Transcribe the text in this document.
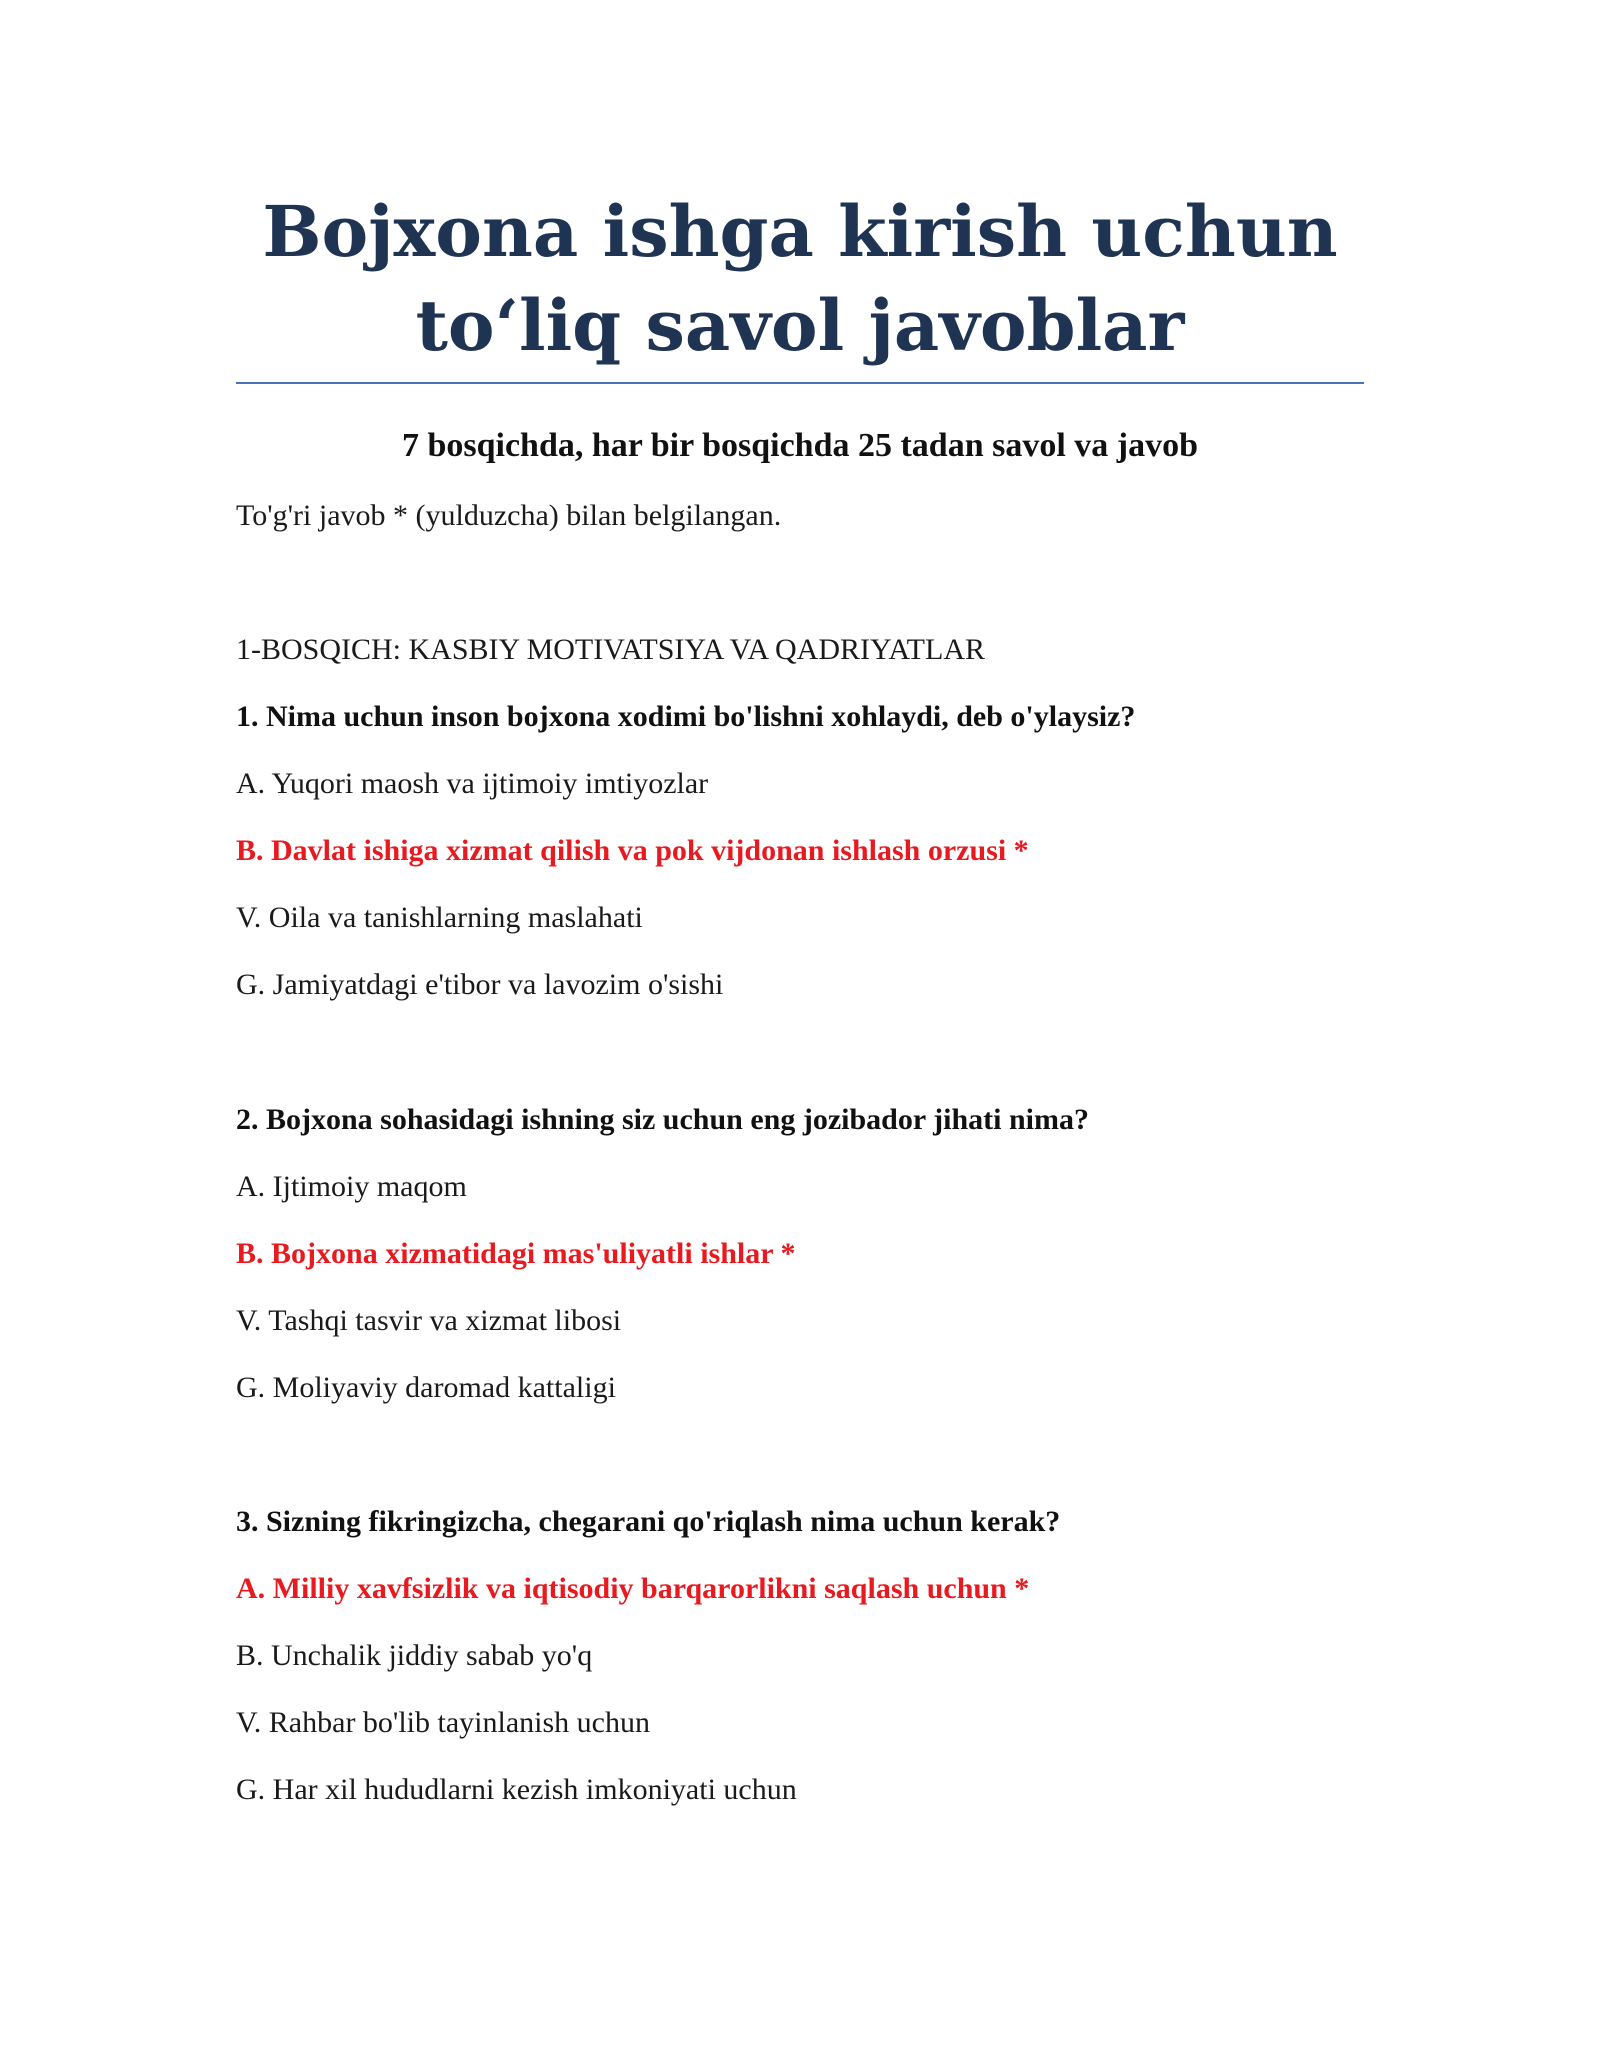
Bojxona ishga kirish uchun
to‘liq savol javoblar
7 bosqichda, har bir bosqichda 25 tadan savol va javob

To'g'ri javob * (yulduzcha) bilan belgilangan.

1-BOSQICH: KASBIY MOTIVATSIYA VA QADRIYATLAR

1. Nima uchun inson bojxona xodimi bo'lishni xohlaydi, deb o'ylaysiz?

A. Yuqori maosh va ijtimoiy imtiyozlar

B. Davlat ishiga xizmat qilish va pok vijdonan ishlash orzusi *

V. Oila va tanishlarning maslahati

G. Jamiyatdagi e'tibor va lavozim o'sishi

2. Bojxona sohasidagi ishning siz uchun eng jozibador jihati nima?

A. Ijtimoiy maqom

B. Bojxona xizmatidagi mas'uliyatli ishlar *

V. Tashqi tasvir va xizmat libosi

G. Moliyaviy daromad kattaligi

3. Sizning fikringizcha, chegarani qo'riqlash nima uchun kerak?

A. Milliy xavfsizlik va iqtisodiy barqarorlikni saqlash uchun *

B. Unchalik jiddiy sabab yo'q

V. Rahbar bo'lib tayinlanish uchun

G. Har xil hududlarni kezish imkoniyati uchun
